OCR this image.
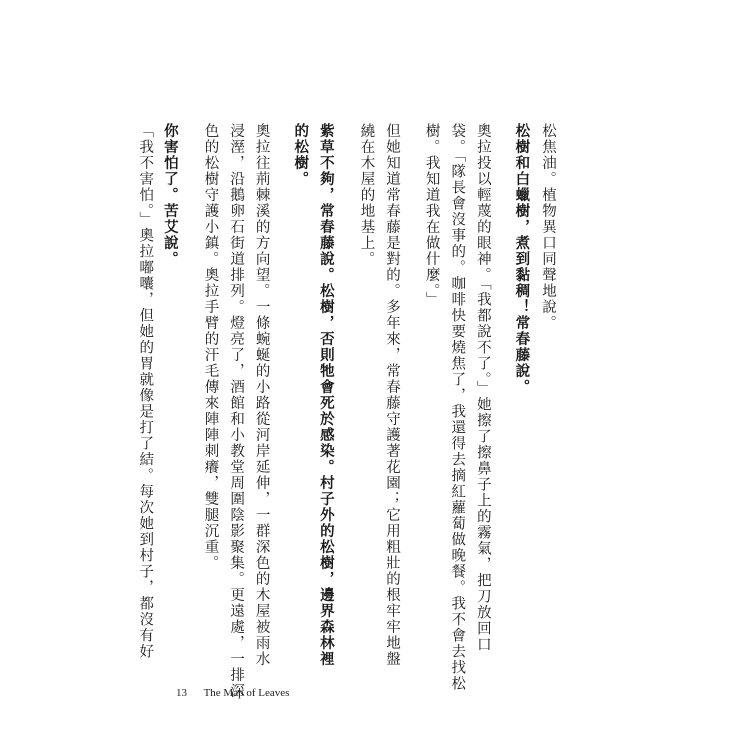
松焦油。植物異口同聲地說。
松樹和白蠟樹，煮到黏稠！常春藤說。
奧拉投以輕蔑的眼神。「我都說不了。」她擦了擦鼻子上的霧氣，把刀放回口
袋。「隊長會沒事的。咖啡快要燒焦了，我還得去摘紅蘿蔔做晚餐。我不會去找松
樹。我知道我在做什麼。」
但她知道常春藤是對的。多年來，常春藤守護著花園；它用粗壯的根牢牢地盤
繞在木屋的地基上。
紫草不夠，常春藤說。松樹，否則牠會死於感染。村子外的松樹，邊界森林裡
的松樹。
奧拉往荊棘溪的方向望。一條蜿蜒的小路從河岸延伸，一群深色的木屋被雨水
浸溼，沿鵝卵石街道排列。燈亮了，酒館和小教堂周圍陰影聚集。更遠處，一排深
色的松樹守護小鎮。奧拉手臂的汗毛傳來陣陣刺癢，雙腿沉重。
你害怕了。苦艾說。
「我不害怕。」奧拉嘟囔，但她的胃就像是打了結。每次她到村子，都沒有好
13 The Map of Leaves
